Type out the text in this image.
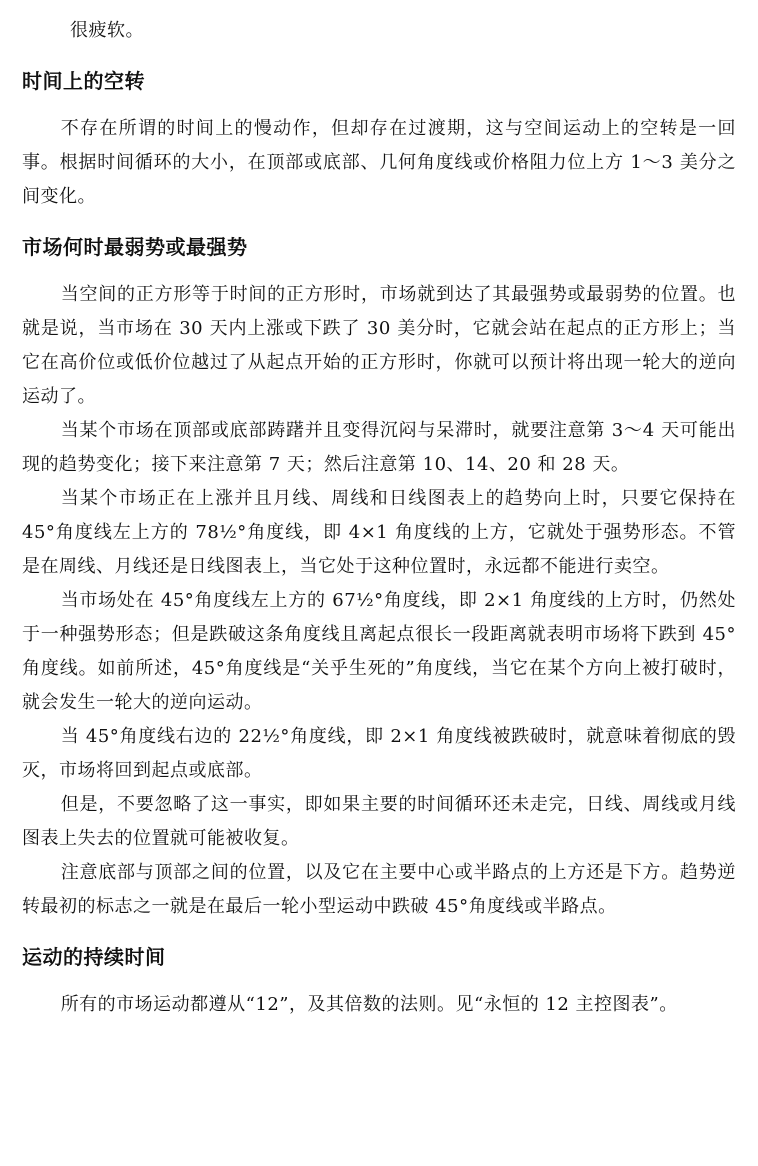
很疲软。

时间上的空转

不存在所谓的时间上的慢动作，但却存在过渡期，这与空间运动上的空转是一回事。根据时间循环的大小，在顶部或底部、几何角度线或价格阻力位上方 1～3 美分之间变化。

市场何时最弱势或最强势

当空间的正方形等于时间的正方形时，市场就到达了其最强势或最弱势的位置。也就是说，当市场在 30 天内上涨或下跌了 30 美分时，它就会站在起点的正方形上；当它在高价位或低价位越过了从起点开始的正方形时，你就可以预计将出现一轮大的逆向运动了。

当某个市场在顶部或底部踌躇并且变得沉闷与呆滞时，就要注意第 3～4 天可能出现的趋势变化；接下来注意第 7 天；然后注意第 10、14、20 和 28 天。

当某个市场正在上涨并且月线、周线和日线图表上的趋势向上时，只要它保持在 45°角度线左上方的 78½°角度线，即 4×1 角度线的上方，它就处于强势形态。不管是在周线、月线还是日线图表上，当它处于这种位置时，永远都不能进行卖空。

当市场处在 45°角度线左上方的 67½°角度线，即 2×1 角度线的上方时，仍然处于一种强势形态；但是跌破这条角度线且离起点很长一段距离就表明市场将下跌到 45°角度线。如前所述，45°角度线是“关乎生死的”角度线，当它在某个方向上被打破时，就会发生一轮大的逆向运动。

当 45°角度线右边的 22½°角度线，即 2×1 角度线被跌破时，就意味着彻底的毁灭，市场将回到起点或底部。

但是，不要忽略了这一事实，即如果主要的时间循环还未走完，日线、周线或月线图表上失去的位置就可能被收复。

注意底部与顶部之间的位置，以及它在主要中心或半路点的上方还是下方。趋势逆转最初的标志之一就是在最后一轮小型运动中跌破 45°角度线或半路点。

运动的持续时间

所有的市场运动都遵从“12”，及其倍数的法则。见“永恒的 12 主控图表”。
